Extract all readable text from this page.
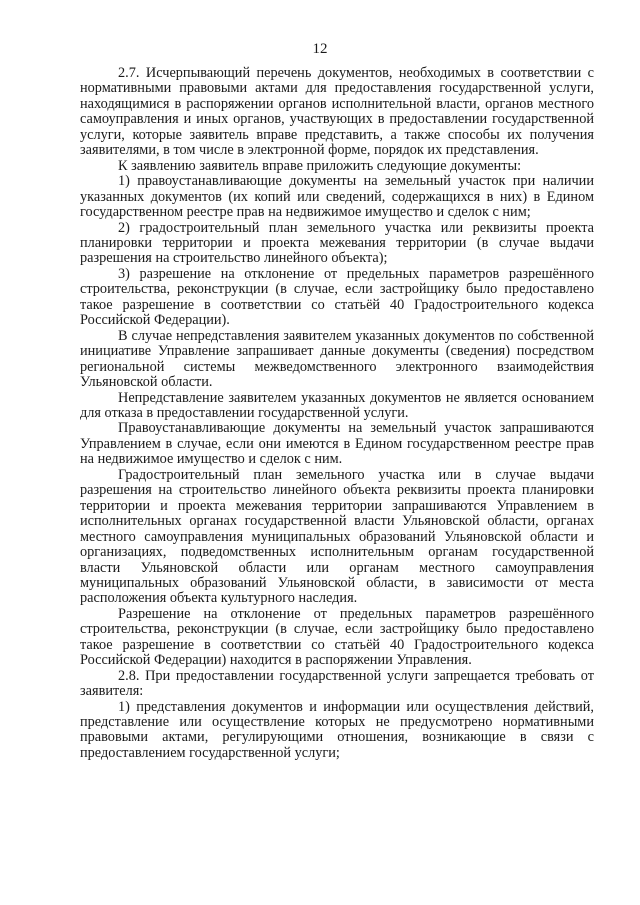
12

2.7. Исчерпывающий перечень документов, необходимых в соответствии с нормативными правовыми актами для предоставления государственной услуги, находящимися в распоряжении органов исполнительной власти, органов местного самоуправления и иных органов, участвующих в предоставлении государственной услуги, которые заявитель вправе представить, а также способы их получения заявителями, в том числе в электронной форме, порядок их представления.

К заявлению заявитель вправе приложить следующие документы:

1) правоустанавливающие документы на земельный участок при наличии указанных документов (их копий или сведений, содержащихся в них) в Едином государственном реестре прав на недвижимое имущество и сделок с ним;

2) градостроительный план земельного участка или реквизиты проекта планировки территории и проекта межевания территории (в случае выдачи разрешения на строительство линейного объекта);

3) разрешение на отклонение от предельных параметров разрешённого строительства, реконструкции (в случае, если застройщику было предоставлено такое разрешение в соответствии со статьёй 40 Градостроительного кодекса Российской Федерации).

В случае непредставления заявителем указанных документов по собственной инициативе Управление запрашивает данные документы (сведения) посредством региональной системы межведомственного электронного взаимодействия Ульяновской области.

Непредставление заявителем указанных документов не является основанием для отказа в предоставлении государственной услуги.

Правоустанавливающие документы на земельный участок запрашиваются Управлением в случае, если они имеются в Едином государственном реестре прав на недвижимое имущество и сделок с ним.

Градостроительный план земельного участка или в случае выдачи разрешения на строительство линейного объекта реквизиты проекта планировки территории и проекта межевания территории запрашиваются Управлением в исполнительных органах государственной власти Ульяновской области, органах местного самоуправления муниципальных образований Ульяновской области и организациях, подведомственных исполнительным органам государственной власти Ульяновской области или органам местного самоуправления муниципальных образований Ульяновской области, в зависимости от места расположения объекта культурного наследия.

Разрешение на отклонение от предельных параметров разрешённого строительства, реконструкции (в случае, если застройщику было предоставлено такое разрешение в соответствии со статьёй 40 Градостроительного кодекса Российской Федерации) находится в распоряжении Управления.

2.8. При предоставлении государственной услуги запрещается требовать от заявителя:

1) представления документов и информации или осуществления действий, представление или осуществление которых не предусмотрено нормативными правовыми актами, регулирующими отношения, возникающие в связи с предоставлением государственной услуги;
